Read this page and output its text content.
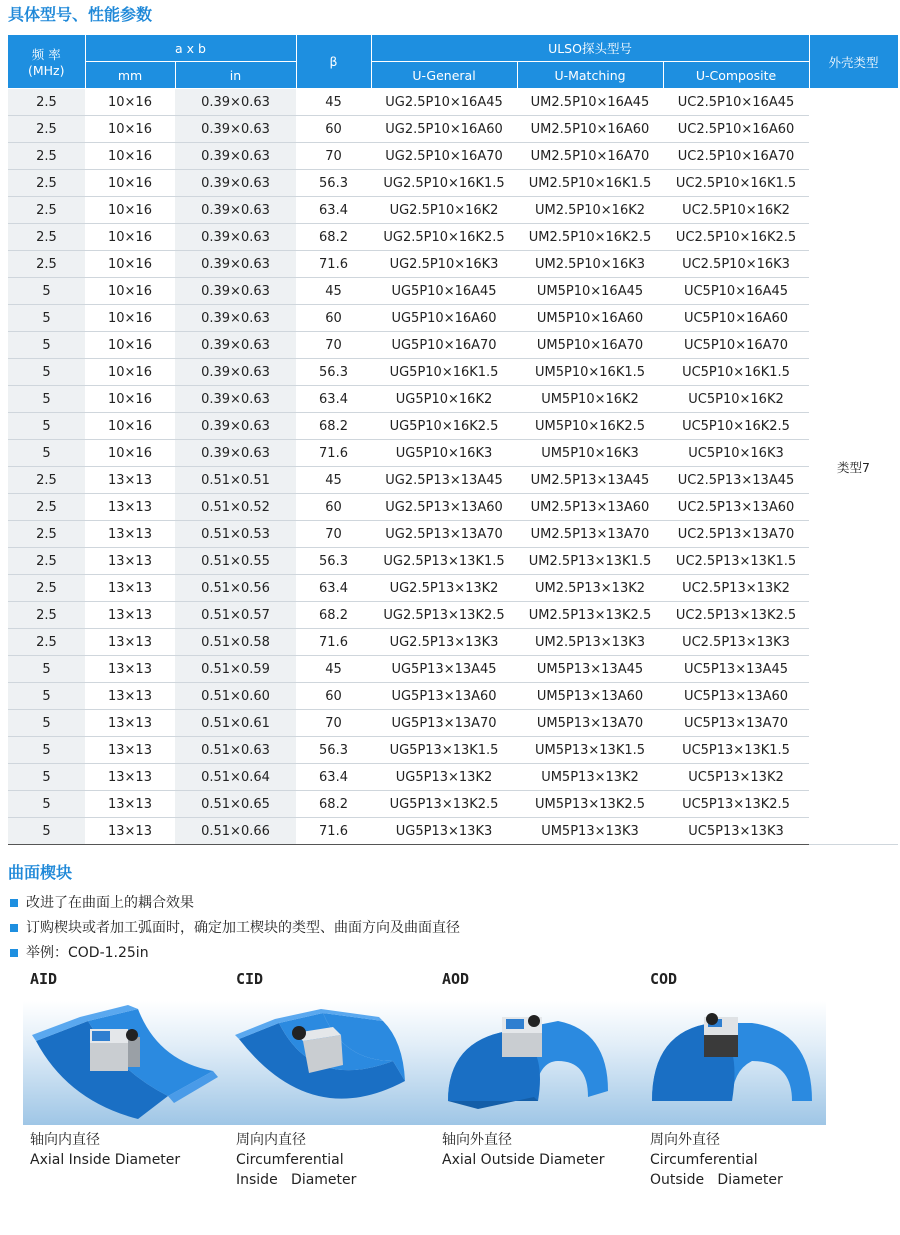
具体型号、性能参数
频 率
(MHz)	a x b		β	ULSO探头型号			外壳类型
	mm	in		U-General	U-Matching	U-Composite	
2.5	10×16	0.39×0.63	45	UG2.5P10×16A45	UM2.5P10×16A45	UC2.5P10×16A45	类型7
2.5	10×16	0.39×0.63	60	UG2.5P10×16A60	UM2.5P10×16A60	UC2.5P10×16A60	
2.5	10×16	0.39×0.63	70	UG2.5P10×16A70	UM2.5P10×16A70	UC2.5P10×16A70	
2.5	10×16	0.39×0.63	56.3	UG2.5P10×16K1.5	UM2.5P10×16K1.5	UC2.5P10×16K1.5	
2.5	10×16	0.39×0.63	63.4	UG2.5P10×16K2	UM2.5P10×16K2	UC2.5P10×16K2	
2.5	10×16	0.39×0.63	68.2	UG2.5P10×16K2.5	UM2.5P10×16K2.5	UC2.5P10×16K2.5	
2.5	10×16	0.39×0.63	71.6	UG2.5P10×16K3	UM2.5P10×16K3	UC2.5P10×16K3	
5	10×16	0.39×0.63	45	UG5P10×16A45	UM5P10×16A45	UC5P10×16A45	
5	10×16	0.39×0.63	60	UG5P10×16A60	UM5P10×16A60	UC5P10×16A60	
5	10×16	0.39×0.63	70	UG5P10×16A70	UM5P10×16A70	UC5P10×16A70	
5	10×16	0.39×0.63	56.3	UG5P10×16K1.5	UM5P10×16K1.5	UC5P10×16K1.5	
5	10×16	0.39×0.63	63.4	UG5P10×16K2	UM5P10×16K2	UC5P10×16K2	
5	10×16	0.39×0.63	68.2	UG5P10×16K2.5	UM5P10×16K2.5	UC5P10×16K2.5	
5	10×16	0.39×0.63	71.6	UG5P10×16K3	UM5P10×16K3	UC5P10×16K3	
2.5	13×13	0.51×0.51	45	UG2.5P13×13A45	UM2.5P13×13A45	UC2.5P13×13A45	
2.5	13×13	0.51×0.52	60	UG2.5P13×13A60	UM2.5P13×13A60	UC2.5P13×13A60	
2.5	13×13	0.51×0.53	70	UG2.5P13×13A70	UM2.5P13×13A70	UC2.5P13×13A70	
2.5	13×13	0.51×0.55	56.3	UG2.5P13×13K1.5	UM2.5P13×13K1.5	UC2.5P13×13K1.5	
2.5	13×13	0.51×0.56	63.4	UG2.5P13×13K2	UM2.5P13×13K2	UC2.5P13×13K2	
2.5	13×13	0.51×0.57	68.2	UG2.5P13×13K2.5	UM2.5P13×13K2.5	UC2.5P13×13K2.5	
2.5	13×13	0.51×0.58	71.6	UG2.5P13×13K3	UM2.5P13×13K3	UC2.5P13×13K3	
5	13×13	0.51×0.59	45	UG5P13×13A45	UM5P13×13A45	UC5P13×13A45	
5	13×13	0.51×0.60	60	UG5P13×13A60	UM5P13×13A60	UC5P13×13A60	
5	13×13	0.51×0.61	70	UG5P13×13A70	UM5P13×13A70	UC5P13×13A70	
5	13×13	0.51×0.63	56.3	UG5P13×13K1.5	UM5P13×13K1.5	UC5P13×13K1.5	
5	13×13	0.51×0.64	63.4	UG5P13×13K2	UM5P13×13K2	UC5P13×13K2	
5	13×13	0.51×0.65	68.2	UG5P13×13K2.5	UM5P13×13K2.5	UC5P13×13K2.5	
5	13×13	0.51×0.66	71.6	UG5P13×13K3	UM5P13×13K3	UC5P13×13K3	
曲面楔块
改进了在曲面上的耦合效果
订购楔块或者加工弧面时，确定加工楔块的类型、曲面方向及曲面直径
举例：COD-1.25in
AID	CID	AOD	COD
轴向内直径
Axial Inside Diameter
周向内直径
Circumferential
Inside   Diameter
轴向外直径
Axial Outside Diameter
周向外直径
Circumferential
Outside   Diameter
